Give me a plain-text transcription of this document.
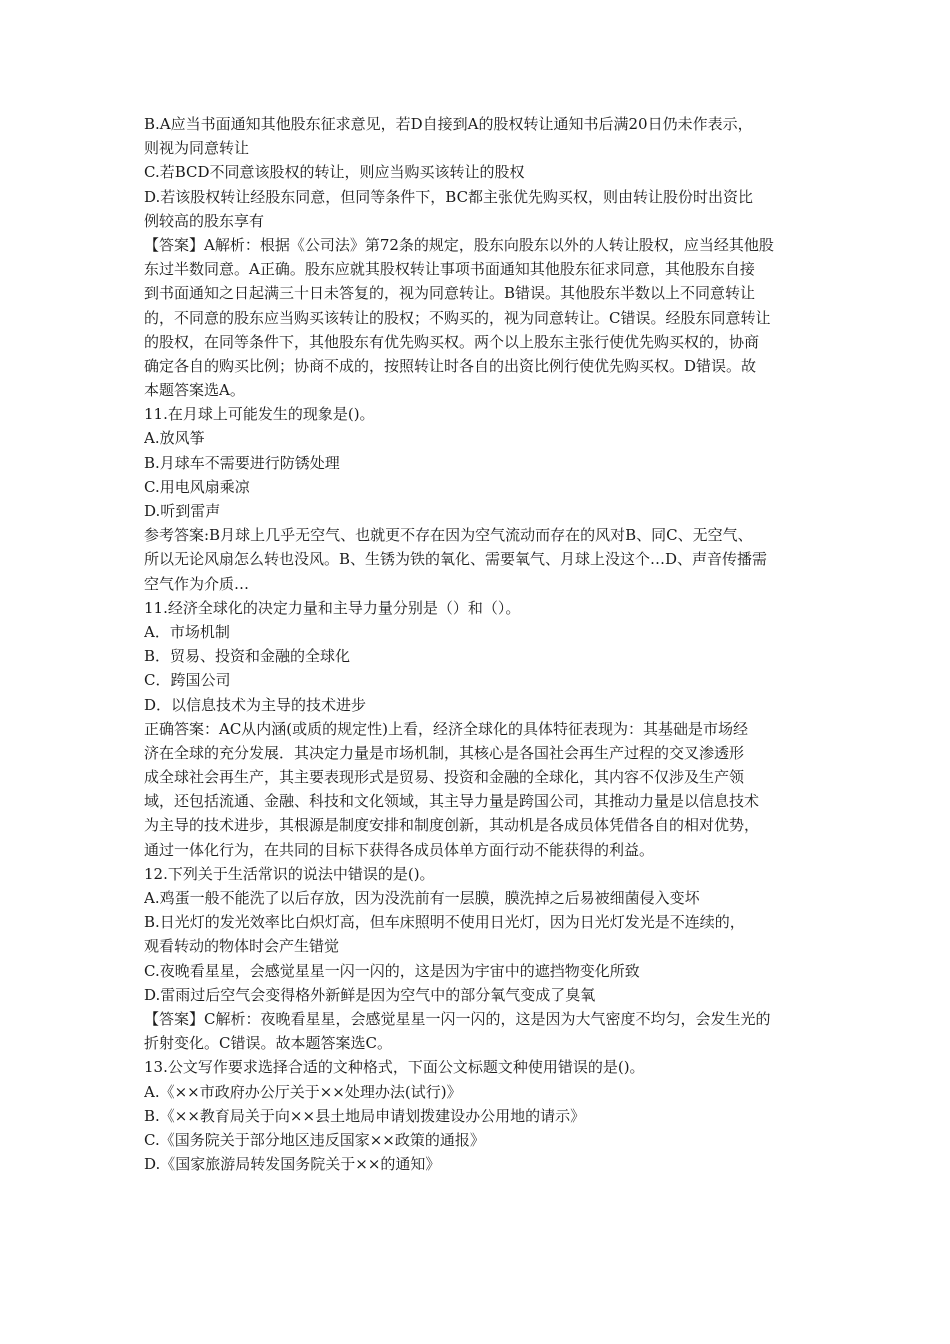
B.A应当书面通知其他股东征求意见，若D自接到A的股权转让通知书后满20日仍未作表示，
则视为同意转让
C.若BCD不同意该股权的转让，则应当购买该转让的股权
D.若该股权转让经股东同意，但同等条件下，BC都主张优先购买权，则由转让股份时出资比
例较高的股东享有
【答案】A解析：根据《公司法》第72条的规定，股东向股东以外的人转让股权，应当经其他股
东过半数同意。A正确。股东应就其股权转让事项书面通知其他股东征求同意，其他股东自接
到书面通知之日起满三十日未答复的，视为同意转让。B错误。其他股东半数以上不同意转让
的，不同意的股东应当购买该转让的股权；不购买的，视为同意转让。C错误。经股东同意转让
的股权，在同等条件下，其他股东有优先购买权。两个以上股东主张行使优先购买权的，协商
确定各自的购买比例；协商不成的，按照转让时各自的出资比例行使优先购买权。D错误。故
本题答案选A。
11.在月球上可能发生的现象是()。
A.放风筝
B.月球车不需要进行防锈处理
C.用电风扇乘凉
D.听到雷声
参考答案:B月球上几乎无空气、也就更不存在因为空气流动而存在的风对B、同C、无空气、
所以无论风扇怎么转也没风。B、生锈为铁的氧化、需要氧气、月球上没这个…D、声音传播需
空气作为介质…
11.经济全球化的决定力量和主导力量分别是（）和（）。
A．市场机制
B．贸易、投资和金融的全球化
C．跨国公司
D．以信息技术为主导的技术进步
正确答案：AC从内涵(或质的规定性)上看，经济全球化的具体特征表现为：其基础是市场经
济在全球的充分发展．其决定力量是市场机制，其核心是各国社会再生产过程的交叉渗透形
成全球社会再生产，其主要表现形式是贸易、投资和金融的全球化，其内容不仅涉及生产领
域，还包括流通、金融、科技和文化领域，其主导力量是跨国公司，其推动力量是以信息技术
为主导的技术进步，其根源是制度安排和制度创新，其动机是各成员体凭借各自的相对优势，
通过一体化行为，在共同的目标下获得各成员体单方面行动不能获得的利益。
12.下列关于生活常识的说法中错误的是()。
A.鸡蛋一般不能洗了以后存放，因为没洗前有一层膜，膜洗掉之后易被细菌侵入变坏
B.日光灯的发光效率比白炽灯高，但车床照明不使用日光灯，因为日光灯发光是不连续的，
观看转动的物体时会产生错觉
C.夜晚看星星，会感觉星星一闪一闪的，这是因为宇宙中的遮挡物变化所致
D.雷雨过后空气会变得格外新鲜是因为空气中的部分氧气变成了臭氧
【答案】C解析：夜晚看星星，会感觉星星一闪一闪的，这是因为大气密度不均匀，会发生光的
折射变化。C错误。故本题答案选C。
13.公文写作要求选择合适的文种格式，下面公文标题文种使用错误的是()。
A.《××市政府办公厅关于××处理办法(试行)》
B.《××教育局关于向××县土地局申请划拨建设办公用地的请示》
C.《国务院关于部分地区违反国家××政策的通报》
D.《国家旅游局转发国务院关于××的通知》
